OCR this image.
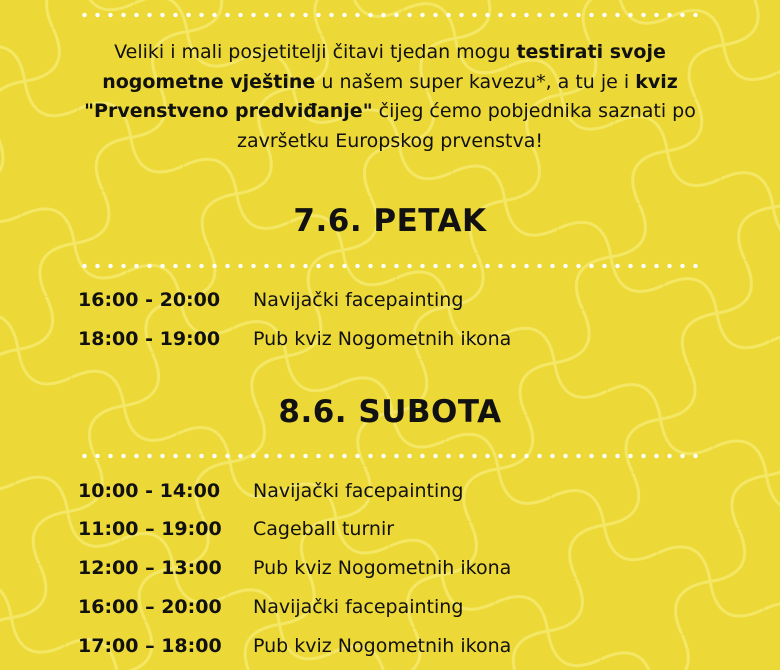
Veliki i mali posjetitelji čitavi tjedan mogu testirati svoje nogometne vještine u našem super kavezu*, a tu je i kviz "Prvenstveno predviđanje" čijeg ćemo pobjednika saznati po završetku Europskog prvenstva!
7.6. PETAK
16:00 - 20:00 Navijački facepainting
18:00 - 19:00 Pub kviz Nogometnih ikona
8.6. SUBOTA
10:00 - 14:00 Navijački facepainting
11:00 – 19:00 Cageball turnir
12:00 – 13:00 Pub kviz Nogometnih ikona
16:00 – 20:00 Navijački facepainting
17:00 – 18:00 Pub kviz Nogometnih ikona
